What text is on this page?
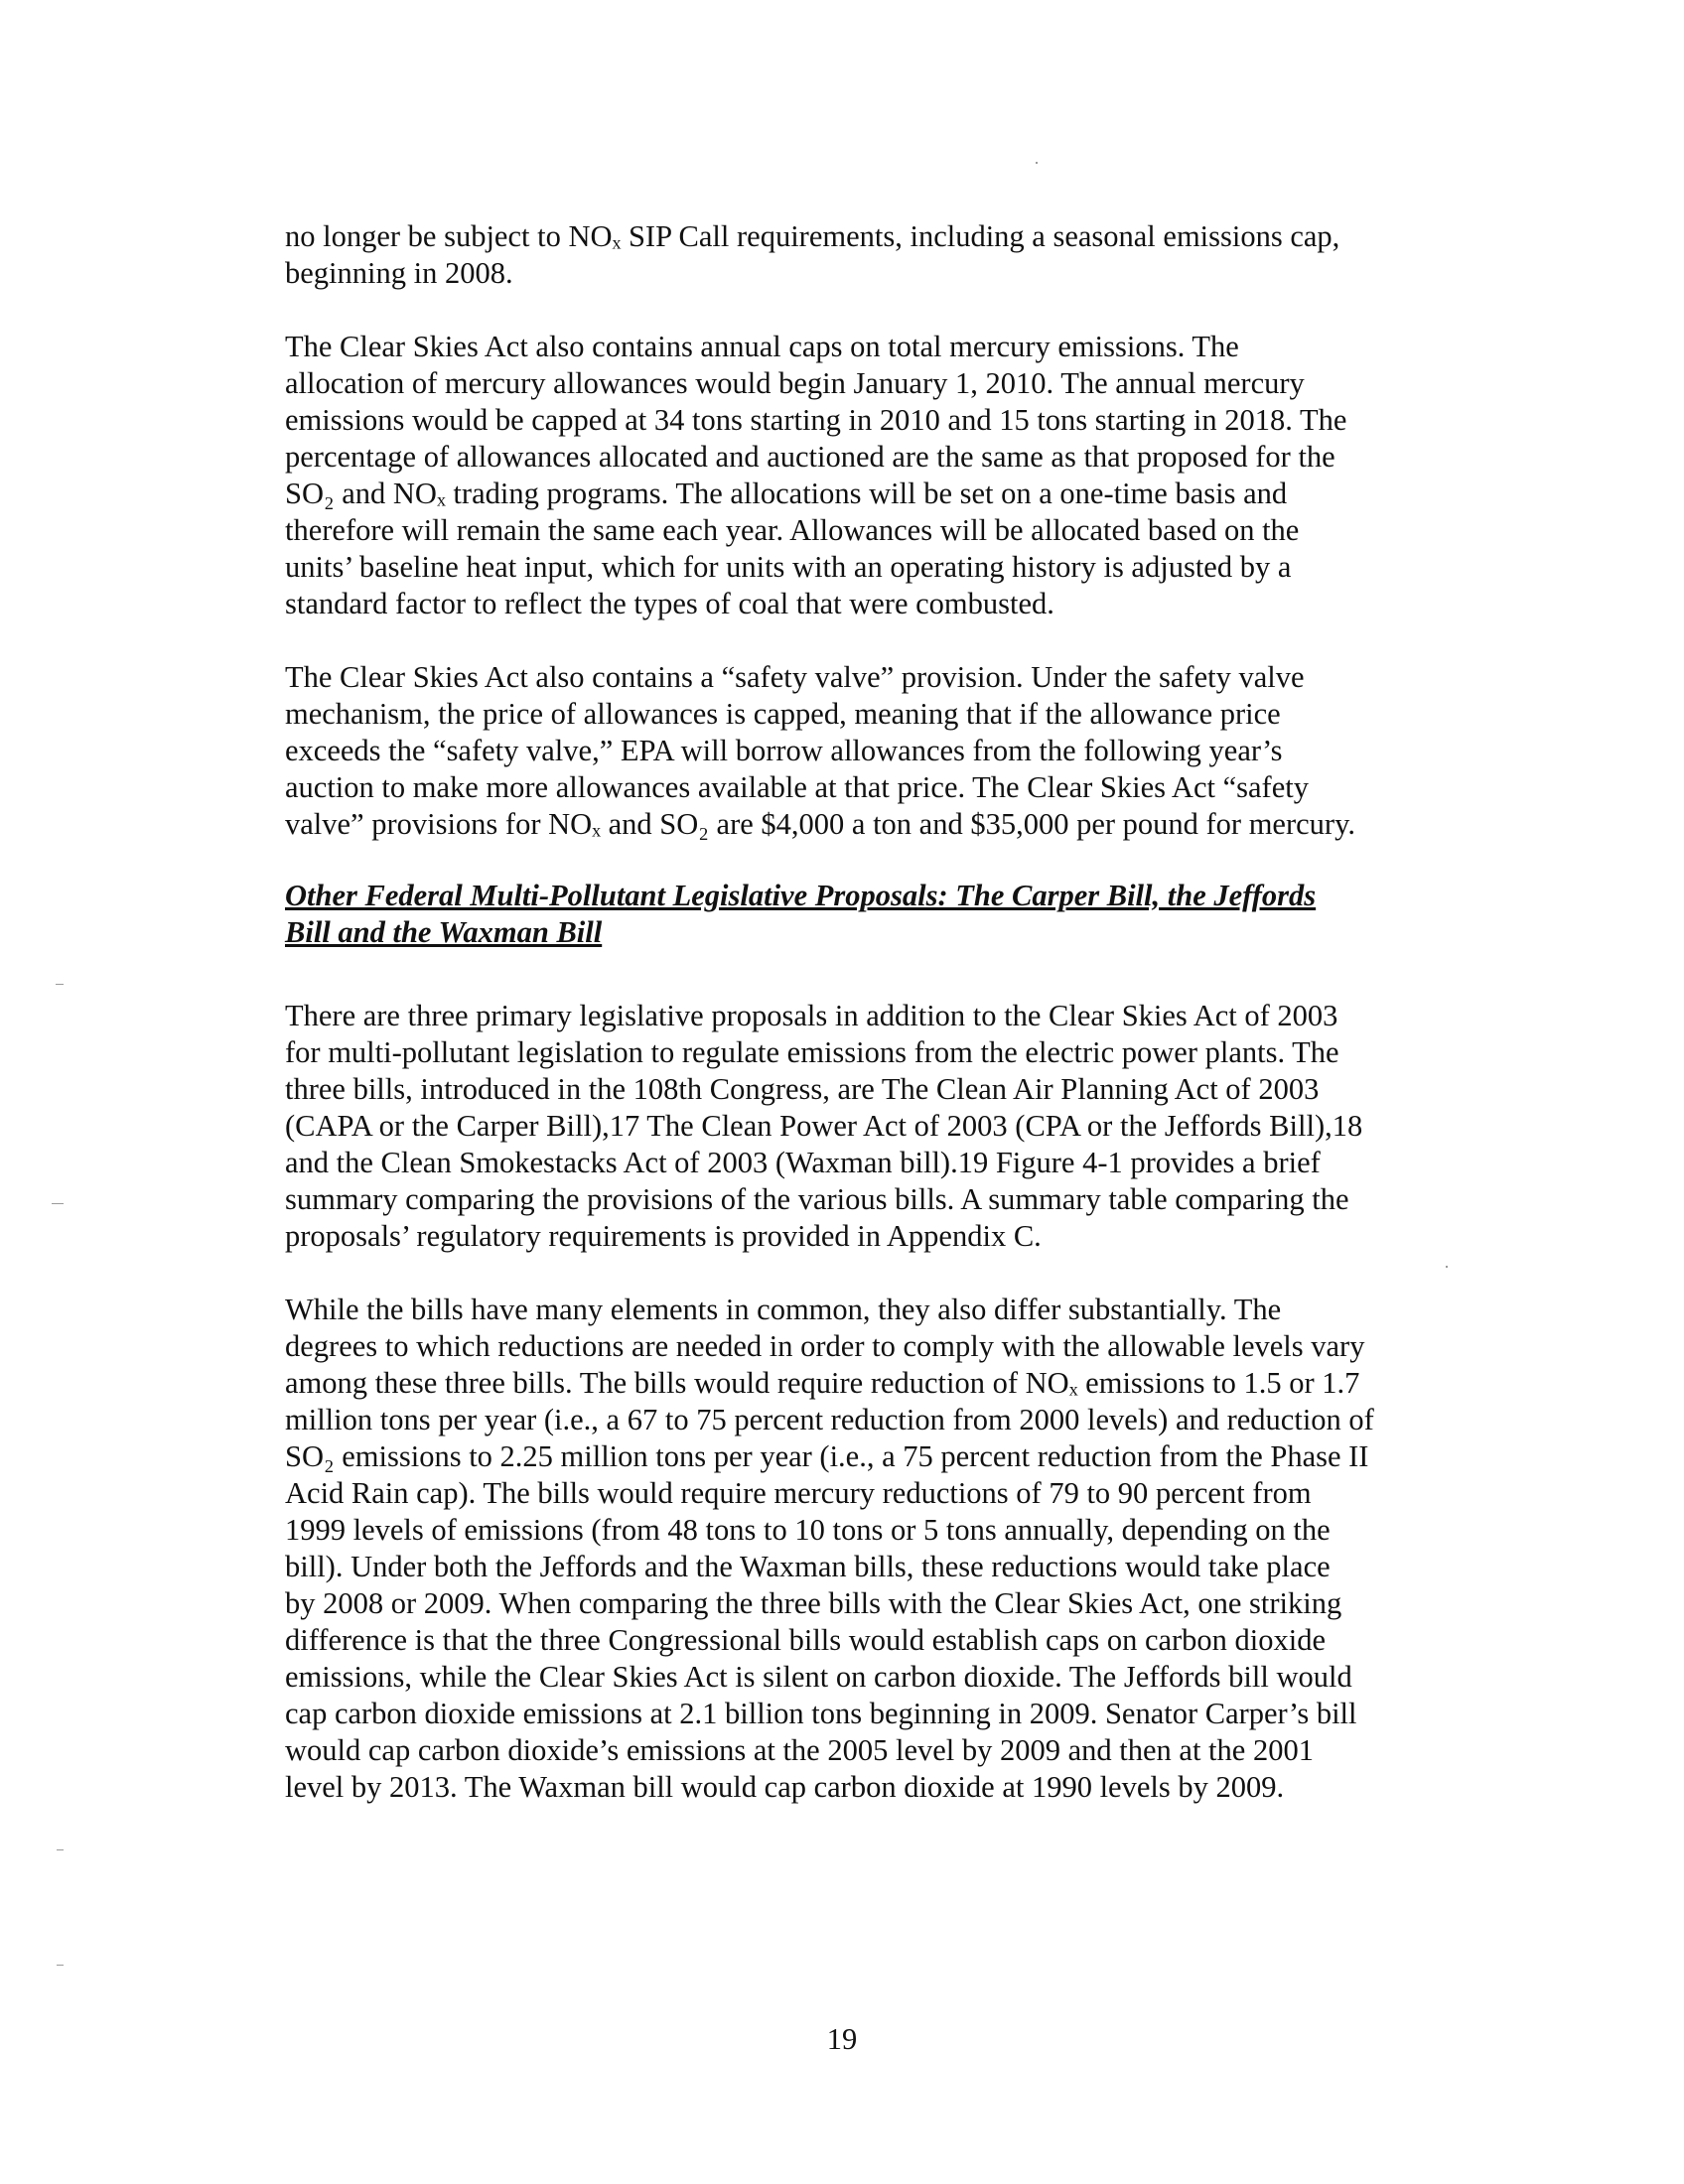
no longer be subject to NOₓ SIP Call requirements, including a seasonal emissions cap,
beginning in 2008.
The Clear Skies Act also contains annual caps on total mercury emissions. The
allocation of mercury allowances would begin January 1, 2010. The annual mercury
emissions would be capped at 34 tons starting in 2010 and 15 tons starting in 2018. The
percentage of allowances allocated and auctioned are the same as that proposed for the
SO₂ and NOₓ trading programs. The allocations will be set on a one-time basis and
therefore will remain the same each year. Allowances will be allocated based on the
units’ baseline heat input, which for units with an operating history is adjusted by a
standard factor to reflect the types of coal that were combusted.
The Clear Skies Act also contains a “safety valve” provision. Under the safety valve
mechanism, the price of allowances is capped, meaning that if the allowance price
exceeds the “safety valve,” EPA will borrow allowances from the following year’s
auction to make more allowances available at that price. The Clear Skies Act “safety
valve” provisions for NOₓ and SO₂ are $4,000 a ton and $35,000 per pound for mercury.
Other Federal Multi-Pollutant Legislative Proposals: The Carper Bill, the Jeffords
Bill and the Waxman Bill
There are three primary legislative proposals in addition to the Clear Skies Act of 2003
for multi-pollutant legislation to regulate emissions from the electric power plants. The
three bills, introduced in the 108th Congress, are The Clean Air Planning Act of 2003
(CAPA or the Carper Bill),17 The Clean Power Act of 2003 (CPA or the Jeffords Bill),18
and the Clean Smokestacks Act of 2003 (Waxman bill).19 Figure 4-1 provides a brief
summary comparing the provisions of the various bills. A summary table comparing the
proposals’ regulatory requirements is provided in Appendix C.
While the bills have many elements in common, they also differ substantially. The
degrees to which reductions are needed in order to comply with the allowable levels vary
among these three bills. The bills would require reduction of NOₓ emissions to 1.5 or 1.7
million tons per year (i.e., a 67 to 75 percent reduction from 2000 levels) and reduction of
SO₂ emissions to 2.25 million tons per year (i.e., a 75 percent reduction from the Phase II
Acid Rain cap). The bills would require mercury reductions of 79 to 90 percent from
1999 levels of emissions (from 48 tons to 10 tons or 5 tons annually, depending on the
bill). Under both the Jeffords and the Waxman bills, these reductions would take place
by 2008 or 2009. When comparing the three bills with the Clear Skies Act, one striking
difference is that the three Congressional bills would establish caps on carbon dioxide
emissions, while the Clear Skies Act is silent on carbon dioxide. The Jeffords bill would
cap carbon dioxide emissions at 2.1 billion tons beginning in 2009. Senator Carper’s bill
would cap carbon dioxide’s emissions at the 2005 level by 2009 and then at the 2001
level by 2013. The Waxman bill would cap carbon dioxide at 1990 levels by 2009.
19
